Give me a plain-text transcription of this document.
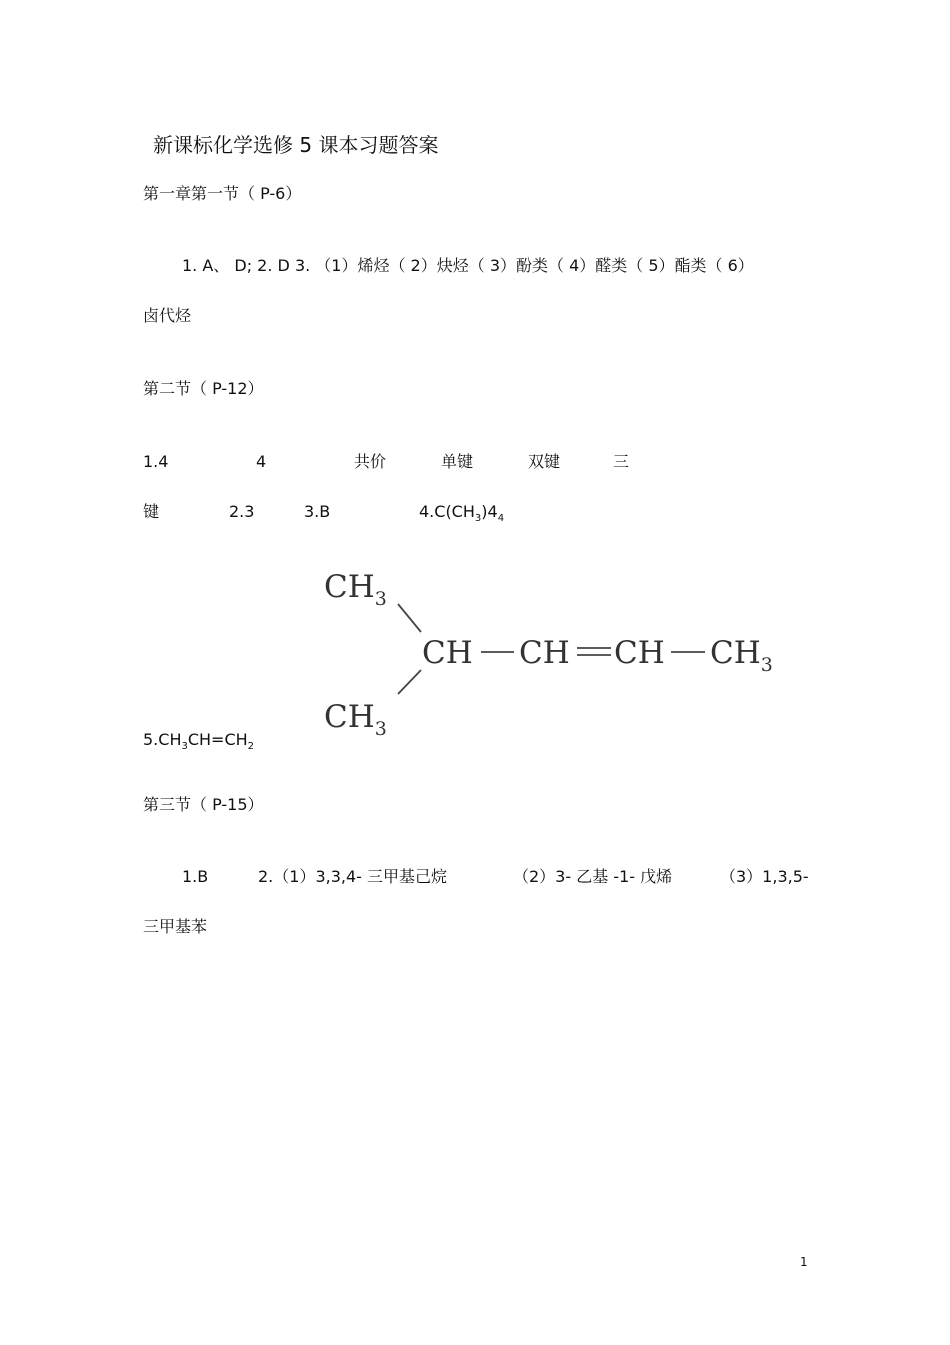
新课标化学选修 5 课本习题答案
第一章第一节（ P-6）
1. A、 D; 2. D 3. （1）烯烃（ 2）炔烃（ 3）酚类（ 4）醛类（ 5）酯类（ 6）
卤代烃
第二节（ P-12）
1.4	4	共价	单键	双键	三
键	2.3	3.B	$4.C(CH_3)4_4$
$CH_3$
CH CH CH $CH_3$
$CH_3$
$5.CH_3CH=CH_2$
第三节（ P-15）
1.B	2.（1）3,3,4- 三甲基己烷	（2）3- 乙基 -1- 戊烯	（3）1,3,5-
三甲基苯
1
